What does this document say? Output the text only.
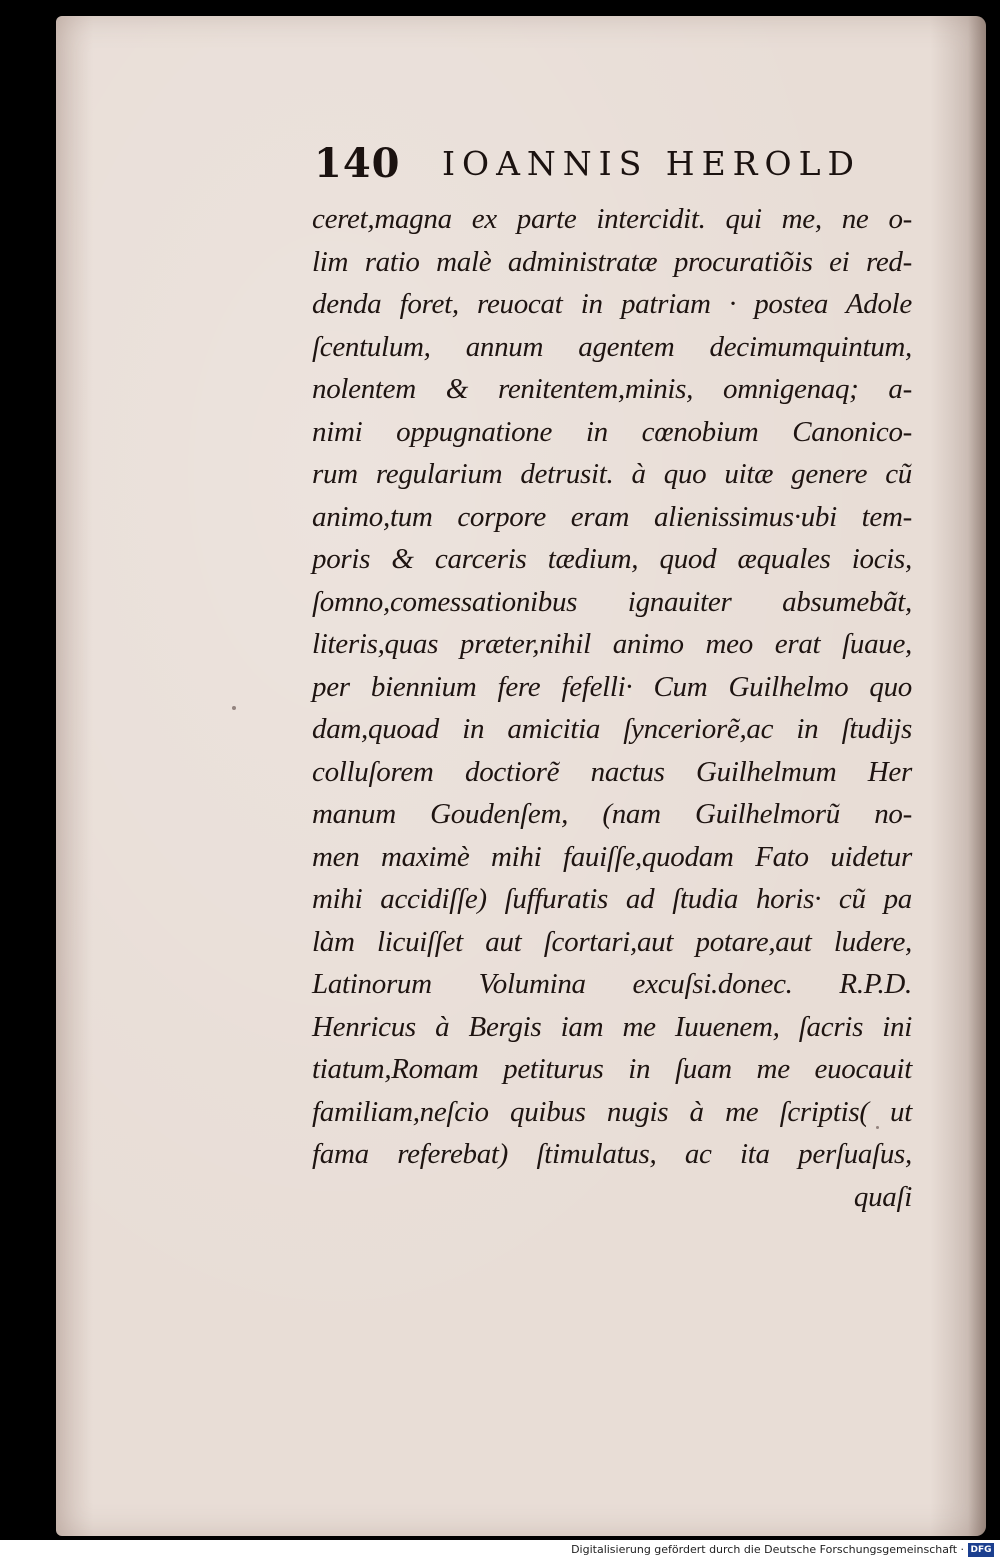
140 IOANNIS HEROLD
ceret,magna ex parte intercidit. qui me, ne o-
lim ratio malè administratæ procuratiõis ei red-
denda foret, reuocat in patriam · postea Adole
ſcentulum, annum agentem decimumquintum,
nolentem & renitentem,minis, omnigenaq; a-
nimi oppugnatione in cœnobium Canonico-
rum regularium detrusit. à quo uitæ genere cũ
animo,tum corpore eram alienissimus·ubi tem-
poris & carceris tædium, quod æquales iocis,
ſomno,comessationibus ignauiter absumebãt,
literis,quas præter,nihil animo meo erat ſuaue,
per biennium fere fefelli· Cum Guilhelmo quo
dam,quoad in amicitia ſynceriorẽ,ac in ſtudijs
colluſorem doctiorẽ nactus Guilhelmum Her
manum Goudenſem, (nam Guilhelmorũ no-
men maximè mihi fauiſſe,quodam Fato uidetur
mihi accidiſſe) ſuffuratis ad ſtudia horis· cũ pa
làm licuiſſet aut ſcortari,aut potare,aut ludere,
Latinorum Volumina excuſsi.donec. R.P.D.
Henricus à Bergis iam me Iuuenem, ſacris ini
tiatum,Romam petiturus in ſuam me euocauit
familiam,neſcio quibus nugis à me ſcriptis( ut
fama referebat) ſtimulatus, ac ita perſuaſus,
quaſi
Digitalisierung gefördert durch die Deutsche Forschungsgemeinschaft · DFG
